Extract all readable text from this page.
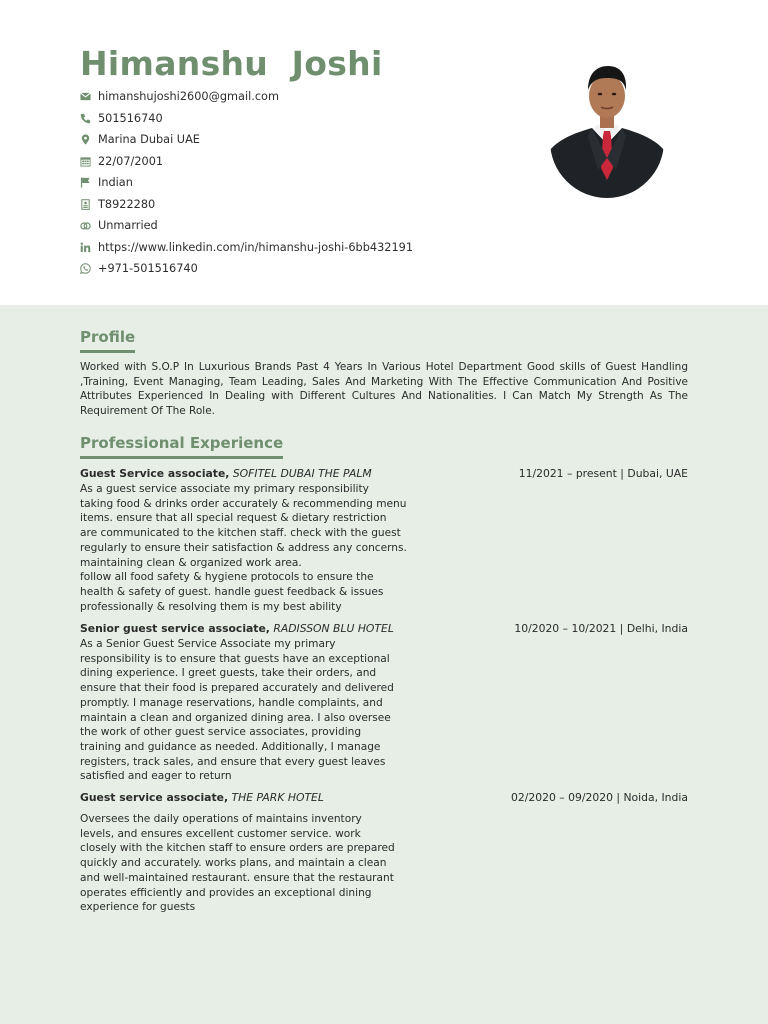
Himanshu  Joshi
himanshujoshi2600@gmail.com
501516740
Marina Dubai UAE
22/07/2001
Indian
T8922280
Unmarried
https://www.linkedin.com/in/himanshu-joshi-6bb432191
+971-501516740
Profile
Worked with S.O.P In Luxurious Brands Past 4 Years In Various Hotel Department Good skills of Guest Handling ,Training, Event Managing, Team Leading, Sales And Marketing With The Effective Communication And Positive Attributes Experienced In Dealing with Different Cultures And Nationalities. I Can Match My Strength As The Requirement Of The Role.
Professional Experience
Guest Service associate, SOFITEL DUBAI THE PALM	11/2021 – present | Dubai, UAE
As a guest service associate my primary responsibility
taking food & drinks order accurately & recommending menu
items. ensure that all special request & dietary restriction
are communicated to the kitchen staff. check with the guest
regularly to ensure their satisfaction & address any concerns.
maintaining clean & organized work area.
follow all food safety & hygiene protocols to ensure the
health & safety of guest. handle guest feedback & issues
professionally & resolving them is my best ability
Senior guest service associate, RADISSON BLU HOTEL	10/2020 – 10/2021 | Delhi, India
As a Senior Guest Service Associate my primary
responsibility is to ensure that guests have an exceptional
dining experience. I greet guests, take their orders, and
ensure that their food is prepared accurately and delivered
promptly. I manage reservations, handle complaints, and
maintain a clean and organized dining area. I also oversee
the work of other guest service associates, providing
training and guidance as needed. Additionally, I manage
registers, track sales, and ensure that every guest leaves
satisfied and eager to return
Guest service associate, THE PARK HOTEL	02/2020 – 09/2020 | Noida, India
Oversees the daily operations of maintains inventory
levels, and ensures excellent customer service. work
closely with the kitchen staff to ensure orders are prepared
quickly and accurately. works plans, and maintain a clean
and well-maintained restaurant. ensure that the restaurant
operates efficiently and provides an exceptional dining
experience for guests
